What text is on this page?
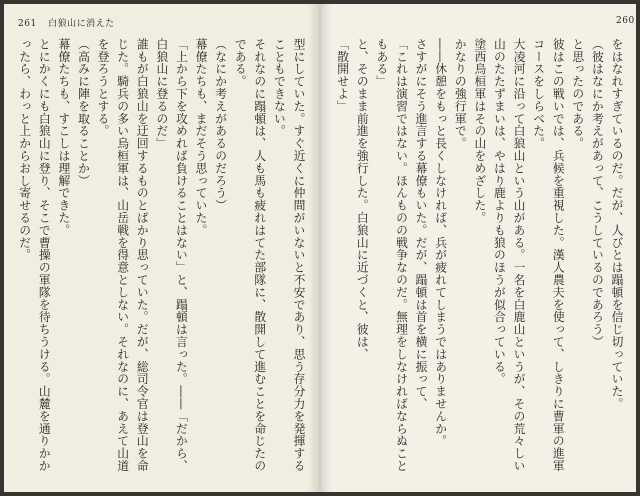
261 白狼山に消えた
型にしていた。すぐ近くに仲間がいないと不安であり、思う存分力を発揮することもできない。
それなのに蹋頓は、人も馬も疲れはてた部隊に、散開して進むことを命じたのである。
（なにか考えがあるのだろう）
幕僚たちも、まだそう思っていた。
「上から下を攻めれば負けることはない」と、蹋頓は言った。――「だから、白狼山に登るのだ」
誰もが白狼山を迂回するものとばかり思っていた。だが、総司令官は登山を命じた。騎兵の多い烏桓軍は、山岳戦を得意としない。それなのに、あえて山道を登ろうとする。
（高みに陣を取ることか）
幕僚たちも、すこしは理解できた。
とにかくにも白狼山に登り、そこで曹操の軍隊を待ちうける。山麓を通りかかったら、わっと上からおし寄せるのだ。

260
をはなれすぎているのだ。だが、人びとは蹋頓を信じ切っていた。
（彼はなにか考えがあって、こうしているのであろう）
と思ったのである。
彼はこの戦いでは、兵候を重視した。漢人農夫を使って、しきりに曹軍の進軍コースをしらべた。
大凌河に沿って白狼山という山がある。一名を白鹿山というが、その荒々しい山のたたずまいは、やはり鹿よりも狼のほうが似合っている。
塗西烏桓軍はその山をめざした。
かなりの強行軍で。
――休憩をもっと長くしなければ、兵が疲れてしまうではありませんか。
さすがにそう進言する幕僚もいた。だが、蹋頓は首を横に振って、
「これは演習ではない。ほんものの戦争なのだ。無理をしなければならぬこともある」
と、そのまま前進を強行した。白狼山に近づくと、彼は、
「散開せよ」
